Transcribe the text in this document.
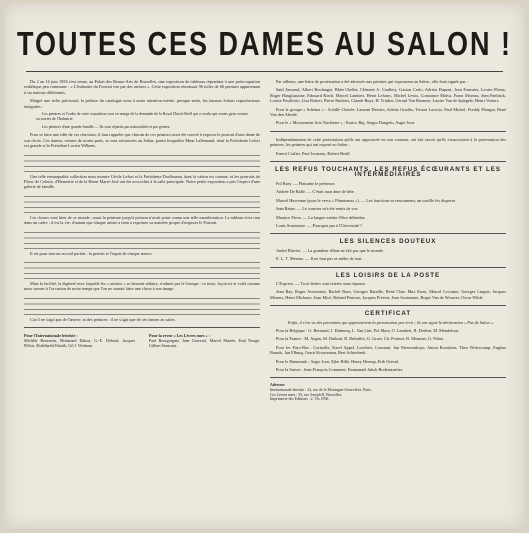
TOUTES CES DAMES AU SALON !

Du 2 au 14 juin 1956 s'est tenue, au Palais des Beaux-Arts de Bruxelles, une exposition de tableaux répondant à une préoccupation esthétique peu commune : « L'Industrie du Portrait vue par des artistes ». Cette exposition réunissait 96 toiles de 66 peintres appartenant à six nations différentes.

Malgré une riche préciosité, la préface du catalogue nous à notre attention mérite, presque seuls, les fameux Salons reproducteurs intégrales :

Les peintres et l'ordre de cette exposition sont en marge de la demande de la Royal Dutch-Shell qui a voulu que toutes gens venues au travers de l'Industrie.

Les peintres d'une grande famille — Ils sont répartis par nationalités et par genres.

Pour se faire une idée de ces réactions, il faut rappeler que chacun de ces peintres avait été convié à exposer le portrait d'une dame de son choix. Ces dames, venues de toutes parts, se sont retrouvées au Salon, parmi lesquelles Mme Lallemand, dont la Présidente Lefort est grande et le Président Lucien Wilkens.

Une telle remarquable collection nous montre Cécile Lefort et la Présidente Dorffmann, dont la valeur est connue, et les portraits de Fleur, de Colette, d'Henriette et de la Reine Marie-José ont été accrochés à la salle principale. Notre petite exposition a pris l'aspect d'une galerie de famille.

Les choses vont bien de ce monde ; mais la peinture jusqu'à présent n'avait point connu une telle manifestation. Le tableau n'est rien dans un cadre ; il est la vie, d'autant que chaque artiste a tenu à exprimer sa manière propre d'imposer le Portrait.

Il est pour rien un accord parfait : la pensée et l'esprit de chaque œuvre.

Mais la facilité, la légèreté avec laquelle les « artistes » se laissent séduire, n'admet pas le Groupe : ce texte, leçon ici et voilà comme nous savons à l'occasion de notre temps que l'on ne saurait faire une chose à son image.

Car il ne s'agit pas de l'œuvre, ni des peintres : il ne s'agit que de ces dames au salon.

Pour l'Internationale lettriste :
Michèle Bernstein, Mohamed Dahou, G.-E. Debord, Jacques Fillon, Abdelhafid Khatib, Gil J. Wolman.
Pour la revue « Les Lèvres nues » :
Paul Bourgoignie, Jane Graverol, Marcel Mariën, Paul Nougé, Gilbert Senecaut.

Par ailleurs, une lettre de protestation a été adressée aux peintres qui exposaient au Salon ; elle était signée par :

Saül Amsaud, Albert Boulanger, Rhéa Chelha, Clément A. Caullery, Gaston Crelo, Adrien Dupont, Jean Fournier, Louise Fleury, Roger Hauglustaine, Edouard Kirch, Marcel Lambert, Henri Lefranc, Michel Lewis, Constance Malva, Franz Moreau, Jean Paelinck, Louise Pasiflorio, Lisa Robert, Pierre Ruelens, Claude Ruys, H. Trinker, Gérard Van Bruaene, Louise Van de Spiegele, Henri Vosters.

Pour le groupe « Schéma » : Achille Chavée, Laurent Dessies, Arlette Gradits, Tristan Lacroix, Paul Michel, Freddy Plongin, René Van den Abeele.

Pour le « Mouvement Arts Nucléaire » : Enrico Baj, Sergio Dangelo, Asger Jorn.

Indépendamment de cette protestation qu'ils ont approuvée en son contenu, ont fait savoir qu'ils s'associaient à la protestation des peintres, les peintres qui ont exposé au Salon :

Ernest Carlier, Paul Joostens, Robert Beulf.

LES REFUS TOUCHANTS, LES REFUS ÉCŒURANTS ET LES INTERMÉDIAIRES

Pol Bury. — Plaisante le présence.

Andrée De Balle. — C'était mon âme de bête.

Marcel Havrenne (pour le verso « Phantomas »). — Les fonctions se rencontrent, un souffle les disperse.

Jean Raine. — Le courrier m'a été remis de vos.

Maurice Piron. — La langue mérite d'être défendue.

Louis Scutenaire. — Pourquoi pas à l'Université ?

LES SILENCES DOUTEUX

André Blavier. — La grandeur d'âme ne fait pas que le monde.

E. L. T. Mesens. — Il ne faut pas se mêler de tout.

LES LOISIRS DE LA POSTE

L'Express. — Trois lettres sont restées sans réponse.

Jean Ray, Roger Avermaete, Rachel Baes, Georges Bataille, René Char, Max Ernst, Marcel Lecomte, Georges Lingier, Jacques Mesens, Henri Michaux, Joan Miró, Roland Penrose, Jacques Prévert, Jean Scutenaire, Roger Van de Wouwer, Oscar Wilde.

CERTIFICAT

Enfin, il s'est vu des personnes qui approuvèrent la protestation par écrit ; ils ont signé la déclaration « Pas de Salon ».

Pour la Belgique : G. Bertrand, J. Dubrunq, L. Van Lint, Pol Mara, O. Lambert, R. Dedent, M. Mendelson.

Pour la France : M. Argan, M. Duthuit, R. Dubuffet, G. Gruet, Ch. Poinsot, B. Monnier, G. Palau.

Pour les Pays-Bas : Corneille, Karel Appel, Lucebert, Constant, Jan Nieuwenhuys, Anton Rooskens, Theo Wolvecamp, Eugène Brands, Jan Elburg, Gerrit Kouwenaar, Bert Schierbeek.

Pour le Danemark : Asger Jorn, Ejler Bille, Henry Heerup, Erik Ortvad.

Pour la Suisse : Jean-François Comment, Emmanuel Jakob Bodenstaetter.

Adresses
Internationale lettriste : 32, rue de la Montagne-Geneviève, Paris.
Les Lèvres nues : 35, rue Joseph-Il, Bruxelles.
Imprimerie des Editions : 2, Vis 1956.
